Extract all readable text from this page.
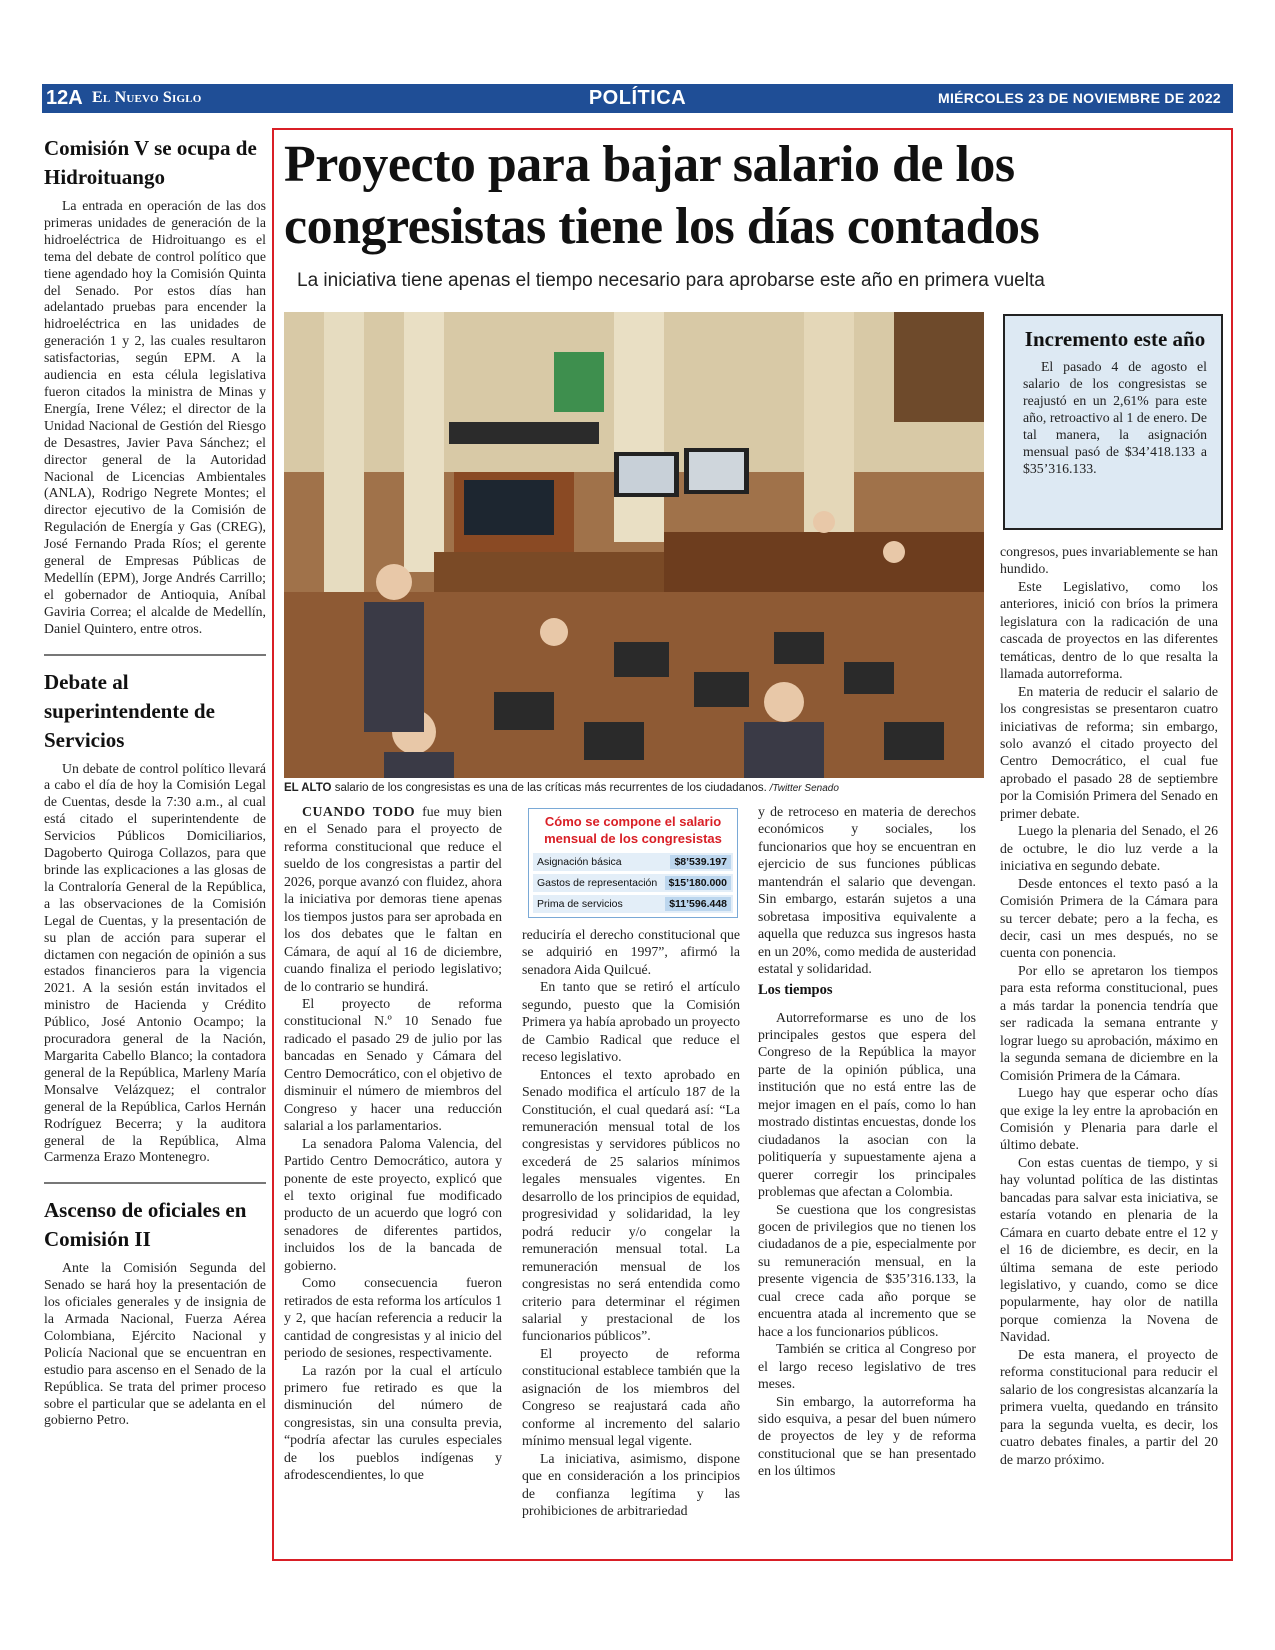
12A El Nuevo Siglo	POLÍTICA	MIÉRCOLES 23 DE NOVIEMBRE DE 2022
Comisión V se ocupa de Hidroituango

La entrada en operación de las dos primeras unidades de generación de la hidroeléctrica de Hidroituango es el tema del debate de control político que tiene agendado hoy la Comisión Quinta del Senado. Por estos días han adelantado pruebas para encender la hidroeléctrica en las unidades de generación 1 y 2, las cuales resultaron satisfactorias, según EPM. A la audiencia en esta célula legislativa fueron citados la ministra de Minas y Energía, Irene Vélez; el director de la Unidad Nacional de Gestión del Riesgo de Desastres, Javier Pava Sánchez; el director general de la Autoridad Nacional de Licencias Ambientales (ANLA), Rodrigo Negrete Montes; el director ejecutivo de la Comisión de Regulación de Energía y Gas (CREG), José Fernando Prada Ríos; el gerente general de Empresas Públicas de Medellín (EPM), Jorge Andrés Carrillo; el gobernador de Antioquia, Aníbal Gaviria Correa; el alcalde de Medellín, Daniel Quintero, entre otros.

Debate al superintendente de Servicios

Un debate de control político llevará a cabo el día de hoy la Comisión Legal de Cuentas, desde la 7:30 a.m., al cual está citado el superintendente de Servicios Públicos Domiciliarios, Dagoberto Quiroga Collazos, para que brinde las explicaciones a las glosas de la Contraloría General de la República, a las observaciones de la Comisión Legal de Cuentas, y la presentación de su plan de acción para superar el dictamen con negación de opinión a sus estados financieros para la vigencia 2021. A la sesión están invitados el ministro de Hacienda y Crédito Público, José Antonio Ocampo; la procuradora general de la Nación, Margarita Cabello Blanco; la contadora general de la República, Marleny María Monsalve Velázquez; el contralor general de la República, Carlos Hernán Rodríguez Becerra; y la auditora general de la República, Alma Carmenza Erazo Montenegro.

Ascenso de oficiales en Comisión II

Ante la Comisión Segunda del Senado se hará hoy la presentación de los oficiales generales y de insignia de la Armada Nacional, Fuerza Aérea Colombiana, Ejército Nacional y Policía Nacional que se encuentran en estudio para ascenso en el Senado de la República. Se trata del primer proceso sobre el particular que se adelanta en el gobierno Petro.

Proyecto para bajar salario de los congresistas tiene los días contados
La iniciativa tiene apenas el tiempo necesario para aprobarse este año en primera vuelta
EL ALTO salario de los congresistas es una de las críticas más recurrentes de los ciudadanos. /Twitter Senado
Incremento este año

El pasado 4 de agosto el salario de los congresistas se reajustó en un 2,61% para este año, retroactivo al 1 de enero. De tal manera, la asignación mensual pasó de $34’418.133 a $35’316.133.

Cómo se compone el salario mensual de los congresistas
Asignación básica	$8’539.197
Gastos de representación	$15’180.000
Prima de servicios	$11’596.448

CUANDO TODO fue muy bien en el Senado para el proyecto de reforma constitucional que reduce el sueldo de los congresistas a partir del 2026, porque avanzó con fluidez, ahora la iniciativa por demoras tiene apenas los tiempos justos para ser aprobada en los dos debates que le faltan en Cámara, de aquí al 16 de diciembre, cuando finaliza el periodo legislativo; de lo contrario se hundirá.

El proyecto de reforma constitucional N.º 10 Senado fue radicado el pasado 29 de julio por las bancadas en Senado y Cámara del Centro Democrático, con el objetivo de disminuir el número de miembros del Congreso y hacer una reducción salarial a los parlamentarios.

La senadora Paloma Valencia, del Partido Centro Democrático, autora y ponente de este proyecto, explicó que el texto original fue modificado producto de un acuerdo que logró con senadores de diferentes partidos, incluidos los de la bancada de gobierno.

Como consecuencia fueron retirados de esta reforma los artículos 1 y 2, que hacían referencia a reducir la cantidad de congresistas y al inicio del periodo de sesiones, respectivamente.

La razón por la cual el artículo primero fue retirado es que la disminución del número de congresistas, sin una consulta previa, “podría afectar las curules especiales de los pueblos indígenas y afrodescendientes, lo que

reduciría el derecho constitucional que se adquirió en 1997”, afirmó la senadora Aida Quilcué.

En tanto que se retiró el artículo segundo, puesto que la Comisión Primera ya había aprobado un proyecto de Cambio Radical que reduce el receso legislativo.

Entonces el texto aprobado en Senado modifica el artículo 187 de la Constitución, el cual quedará así: “La remuneración mensual total de los congresistas y servidores públicos no excederá de 25 salarios mínimos legales mensuales vigentes. En desarrollo de los principios de equidad, progresividad y solidaridad, la ley podrá reducir y/o congelar la remuneración mensual total. La remuneración mensual de los congresistas no será entendida como criterio para determinar el régimen salarial y prestacional de los funcionarios públicos”.

El proyecto de reforma constitucional establece también que la asignación de los miembros del Congreso se reajustará cada año conforme al incremento del salario mínimo mensual legal vigente.

La iniciativa, asimismo, dispone que en consideración a los principios de confianza legítima y las prohibiciones de arbitrariedad

y de retroceso en materia de derechos económicos y sociales, los funcionarios que hoy se encuentran en ejercicio de sus funciones públicas mantendrán el salario que devengan. Sin embargo, estarán sujetos a una sobretasa impositiva equivalente a aquella que reduzca sus ingresos hasta en un 20%, como medida de austeridad estatal y solidaridad.

Los tiempos

Autorreformarse es uno de los principales gestos que espera del Congreso de la República la mayor parte de la opinión pública, una institución que no está entre las de mejor imagen en el país, como lo han mostrado distintas encuestas, donde los ciudadanos la asocian con la politiquería y supuestamente ajena a querer corregir los principales problemas que afectan a Colombia.

Se cuestiona que los congresistas gocen de privilegios que no tienen los ciudadanos de a pie, especialmente por su remuneración mensual, en la presente vigencia de $35’316.133, la cual crece cada año porque se encuentra atada al incremento que se hace a los funcionarios públicos.

También se critica al Congreso por el largo receso legislativo de tres meses.

Sin embargo, la autorreforma ha sido esquiva, a pesar del buen número de proyectos de ley y de reforma constitucional que se han presentado en los últimos

congresos, pues invariablemente se han hundido.

Este Legislativo, como los anteriores, inició con bríos la primera legislatura con la radicación de una cascada de proyectos en las diferentes temáticas, dentro de lo que resalta la llamada autorreforma.

En materia de reducir el salario de los congresistas se presentaron cuatro iniciativas de reforma; sin embargo, solo avanzó el citado proyecto del Centro Democrático, el cual fue aprobado el pasado 28 de septiembre por la Comisión Primera del Senado en primer debate.

Luego la plenaria del Senado, el 26 de octubre, le dio luz verde a la iniciativa en segundo debate.

Desde entonces el texto pasó a la Comisión Primera de la Cámara para su tercer debate; pero a la fecha, es decir, casi un mes después, no se cuenta con ponencia.

Por ello se apretaron los tiempos para esta reforma constitucional, pues a más tardar la ponencia tendría que ser radicada la semana entrante y lograr luego su aprobación, máximo en la segunda semana de diciembre en la Comisión Primera de la Cámara.

Luego hay que esperar ocho días que exige la ley entre la aprobación en Comisión y Plenaria para darle el último debate.

Con estas cuentas de tiempo, y si hay voluntad política de las distintas bancadas para salvar esta iniciativa, se estaría votando en plenaria de la Cámara en cuarto debate entre el 12 y el 16 de diciembre, es decir, en la última semana de este periodo legislativo, y cuando, como se dice popularmente, hay olor de natilla porque comienza la Novena de Navidad.

De esta manera, el proyecto de reforma constitucional para reducir el salario de los congresistas alcanzaría la primera vuelta, quedando en tránsito para la segunda vuelta, es decir, los cuatro debates finales, a partir del 20 de marzo próximo.
